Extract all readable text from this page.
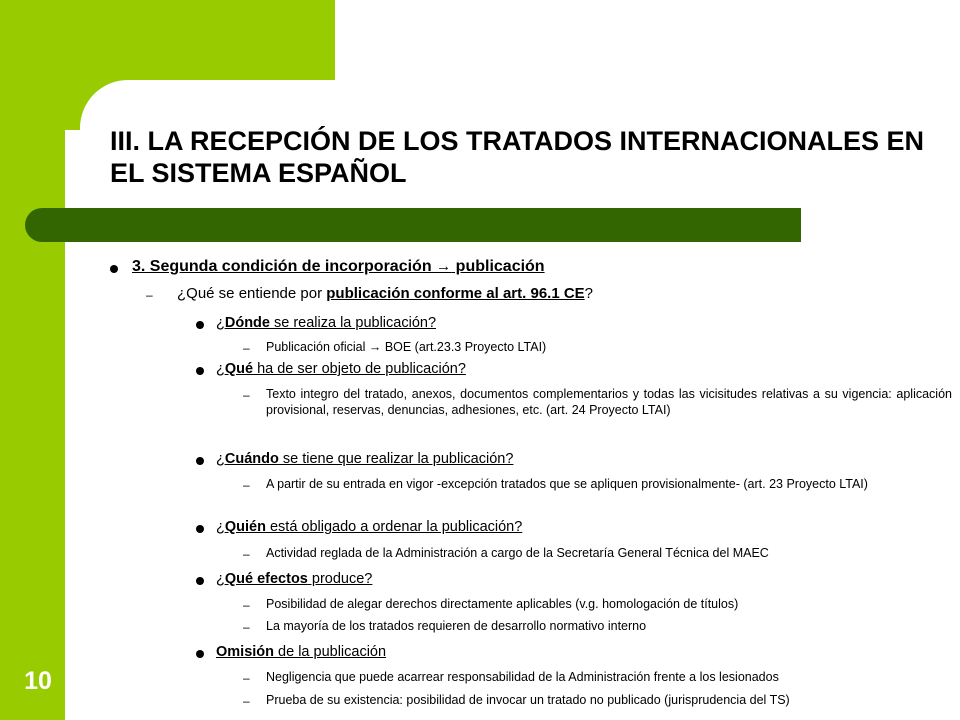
III. LA RECEPCIÓN DE LOS TRATADOS INTERNACIONALES EN EL SISTEMA ESPAÑOL
10
3. Segunda condición de incorporación → publicación
– ¿Qué se entiende por publicación conforme al art. 96.1 CE?
¿Dónde se realiza la publicación?
– Publicación oficial → BOE (art.23.3 Proyecto LTAI)
¿Qué ha de ser objeto de publicación?
– Texto integro del tratado, anexos, documentos complementarios y todas las vicisitudes relativas a su vigencia: aplicación provisional, reservas, denuncias, adhesiones, etc. (art. 24 Proyecto LTAI)
¿Cuándo se tiene que realizar la publicación?
– A partir de su entrada en vigor -excepción tratados que se apliquen provisionalmente- (art. 23 Proyecto LTAI)
¿Quién está obligado a ordenar la publicación?
– Actividad reglada de la Administración a cargo de la Secretaría General Técnica del MAEC
¿Qué efectos produce?
– Posibilidad de alegar derechos directamente aplicables (v.g. homologación de títulos)
– La mayoría de los tratados requieren de desarrollo normativo interno
Omisión de la publicación
– Negligencia que puede acarrear responsabilidad de la Administración frente a los lesionados
– Prueba de su existencia: posibilidad de invocar un tratado no publicado (jurisprudencia del TS)
